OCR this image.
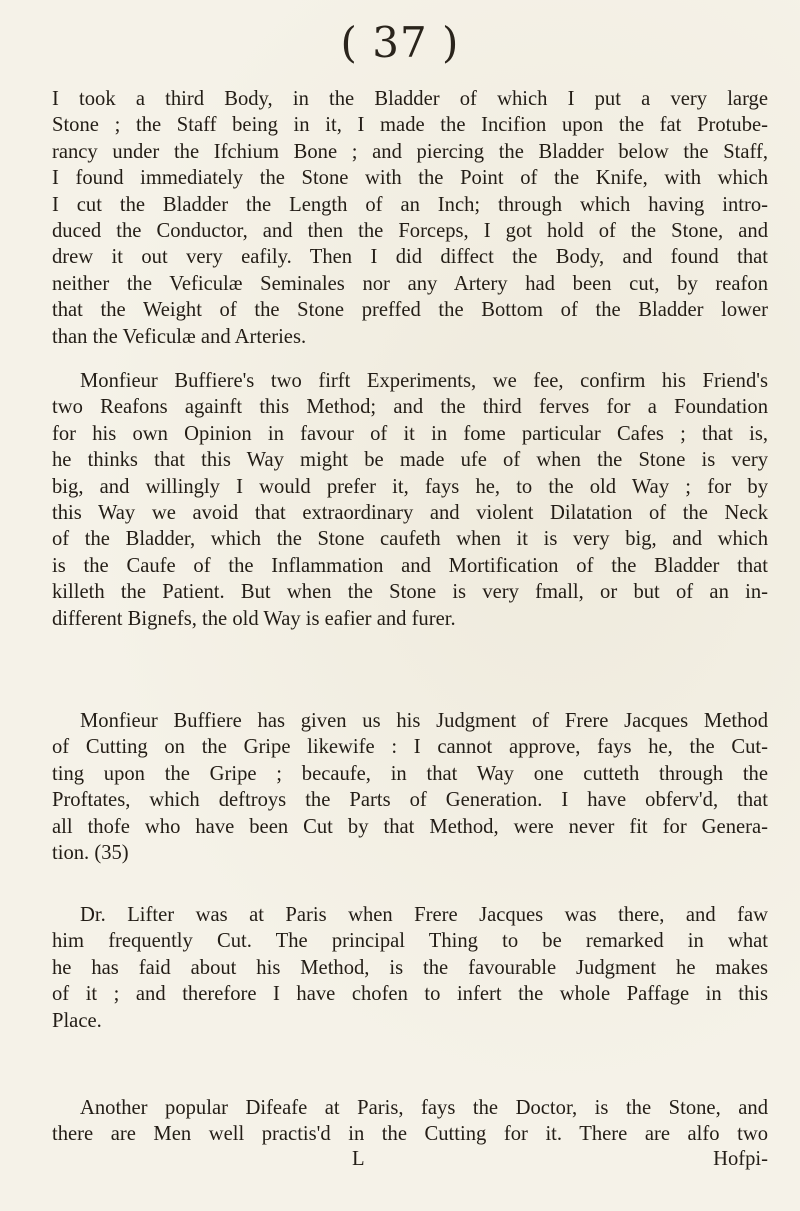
( 37 )
I took a third Body, in the Bladder of which I put a very large
Stone ; the Staff being in it, I made the Incifion upon the fat Protube-
rancy under the Ifchium Bone ; and piercing the Bladder below the Staff,
I found immediately the Stone with the Point of the Knife, with which
I cut the Bladder the Length of an Inch; through which having intro-
duced the Conductor, and then the Forceps, I got hold of the Stone, and
drew it out very eafily. Then I did diffect the Body, and found that
neither the Veficulæ Seminales nor any Artery had been cut, by reafon
that the Weight of the Stone preffed the Bottom of the Bladder lower
than the Veficulæ and Arteries.
Monfieur Buffiere's two firft Experiments, we fee, confirm his Friend's
two Reafons againft this Method; and the third ferves for a Foundation
for his own Opinion in favour of it in fome particular Cafes ; that is,
he thinks that this Way might be made ufe of when the Stone is very
big, and willingly I would prefer it, fays he, to the old Way ; for by
this Way we avoid that extraordinary and violent Dilatation of the Neck
of the Bladder, which the Stone caufeth when it is very big, and which
is the Caufe of the Inflammation and Mortification of the Bladder that
killeth the Patient. But when the Stone is very fmall, or but of an in-
different Bignefs, the old Way is eafier and furer.
Monfieur Buffiere has given us his Judgment of Frere Jacques Method
of Cutting on the Gripe likewife : I cannot approve, fays he, the Cut-
ting upon the Gripe ; becaufe, in that Way one cutteth through the
Proftates, which deftroys the Parts of Generation. I have obferv'd, that
all thofe who have been Cut by that Method, were never fit for Genera-
tion. (35)
Dr. Lifter was at Paris when Frere Jacques was there, and faw
him frequently Cut. The principal Thing to be remarked in what
he has faid about his Method, is the favourable Judgment he makes
of it ; and therefore I have chofen to infert the whole Paffage in this
Place.
Another popular Difeafe at Paris, fays the Doctor, is the Stone, and
there are Men well practis'd in the Cutting for it. There are alfo two
L	Hofpi-
